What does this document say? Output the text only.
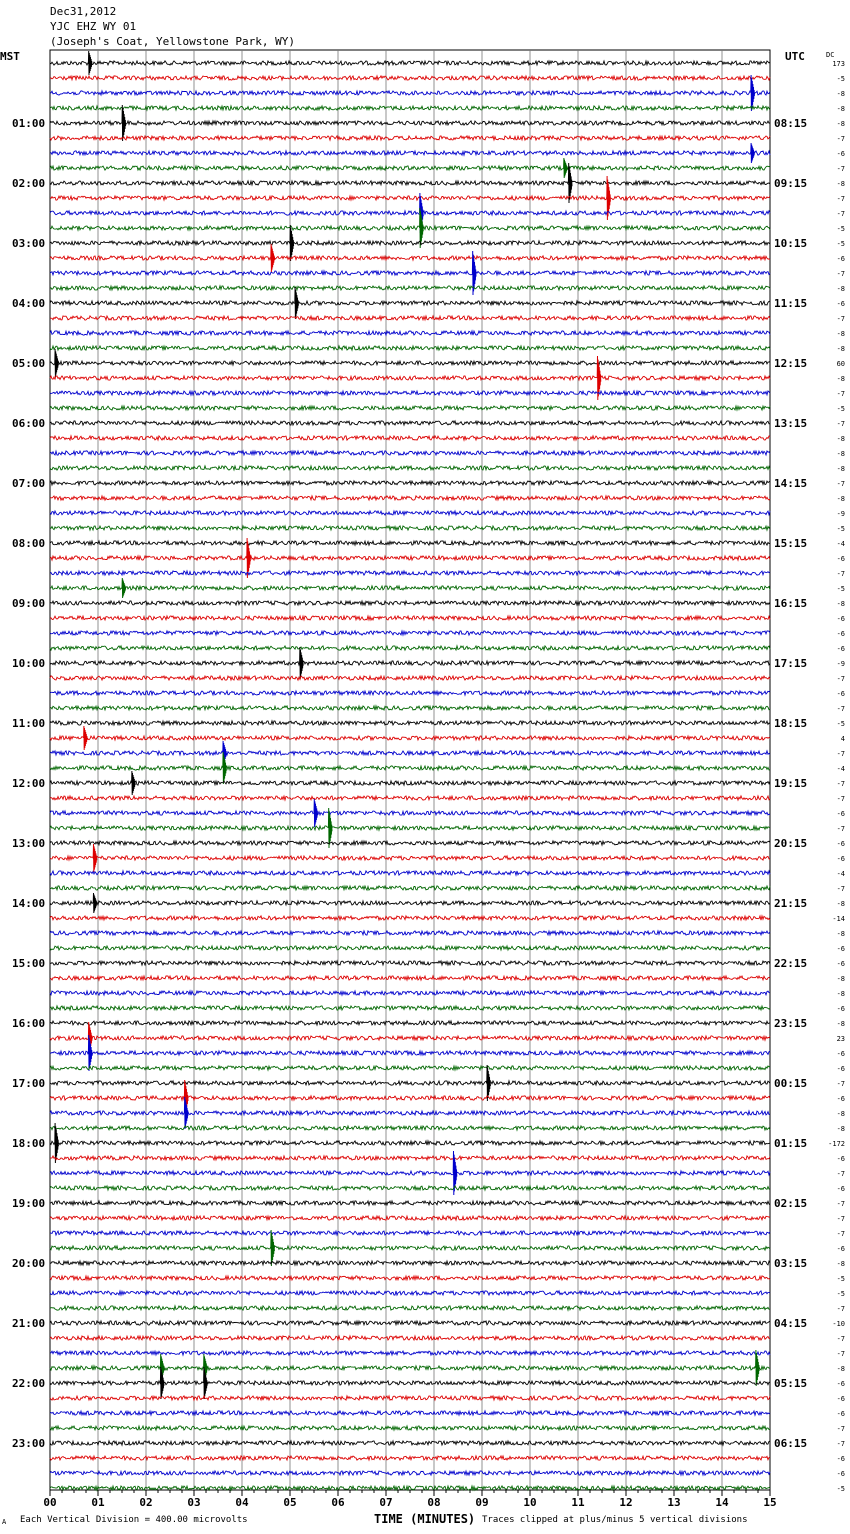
Dec31,2012
YJC EHZ WY 01
(Joseph's Coat, Yellowstone Park, WY)
MST	UTC
01:00
02:00
03:00
04:00
05:00
06:00
07:00
08:00
09:00
10:00
11:00
12:00
13:00
14:00
15:00
16:00
17:00
18:00
19:00
20:00
21:00
22:00
23:00
08:15
09:15
10:15
11:15
12:15
13:15
14:15
15:15
16:15
17:15
18:15
19:15
20:15
21:15
22:15
23:15
00:15
01:15
02:15
03:15
04:15
05:15
06:15
DC
173
-5
-8
-8
-8
-7
-6
-7
-8
-7
-7
-5
-5
-6
-7
-8
-6
-7
-8
-8
60
-8
-7
-5
-7
-8
-8
-8
-7
-8
-9
-5
-4
-6
-7
-5
-8
-6
-6
-6
-9
-7
-6
-7
-5
4
-7
-4
-7
-7
-6
-7
-6
-6
-4
-7
-8
-14
-8
-6
-6
-8
-8
-6
-8
23
-6
-6
-7
-6
-8
-8
-172
-6
-7
-6
-7
-7
-7
-6
-8
-5
-5
-7
-10
-7
-7
-8
-6
-6
-6
-7
-7
-6
-6
-5
00	01	02	03	04	05	06	07	08	09	10	11	12	13	14	15
A Each Vertical Division = 400.00 microvolts	TIME (MINUTES) Traces clipped at plus/minus 5 vertical divisions
